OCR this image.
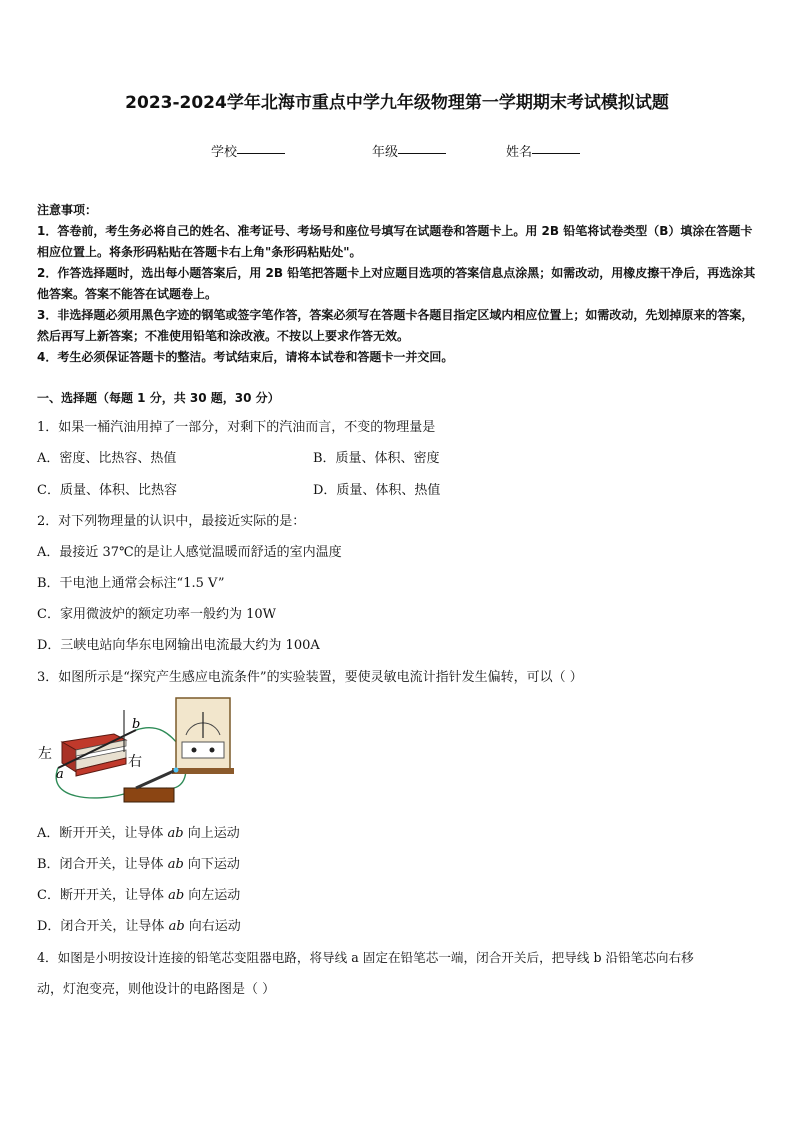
2023-2024学年北海市重点中学九年级物理第一学期期末考试模拟试题
学校	年级	姓名
注意事项：
1．答卷前，考生务必将自己的姓名、准考证号、考场号和座位号填写在试题卷和答题卡上。用 2B 铅笔将试卷类型（B）填涂在答题卡相应位置上。将条形码粘贴在答题卡右上角"条形码粘贴处"。
2．作答选择题时，选出每小题答案后，用 2B 铅笔把答题卡上对应题目选项的答案信息点涂黑；如需改动，用橡皮擦干净后，再选涂其他答案。答案不能答在试题卷上。
3．非选择题必须用黑色字迹的钢笔或签字笔作答，答案必须写在答题卡各题目指定区域内相应位置上；如需改动，先划掉原来的答案，然后再写上新答案；不准使用铅笔和涂改液。不按以上要求作答无效。
4．考生必须保证答题卡的整洁。考试结束后，请将本试卷和答题卡一并交回。
一、选择题（每题 1 分，共 30 题，30 分）
1．如果一桶汽油用掉了一部分，对剩下的汽油而言，不变的物理量是
A．密度、比热容、热值	B．质量、体积、密度
C．质量、体积、比热容	D．质量、体积、热值
2．对下列物理量的认识中，最接近实际的是：
A．最接近 37℃的是让人感觉温暖而舒适的室内温度
B．干电池上通常会标注“1.5 V”
C．家用微波炉的额定功率一般约为 10W
D．三峡电站向华东电网输出电流最大约为 100A
3．如图所示是“探究产生感应电流条件”的实验装置，要使灵敏电流计指针发生偏转，可以（ ）
左	右
a
b
A．断开开关，让导体 ab 向上运动
B．闭合开关，让导体 ab 向下运动
C．断开开关，让导体 ab 向左运动
D．闭合开关，让导体 ab 向右运动
4．如图是小明按设计连接的铅笔芯变阻器电路，将导线 a 固定在铅笔芯一端，闭合开关后，把导线 b 沿铅笔芯向右移
动，灯泡变亮，则他设计的电路图是（ ）
